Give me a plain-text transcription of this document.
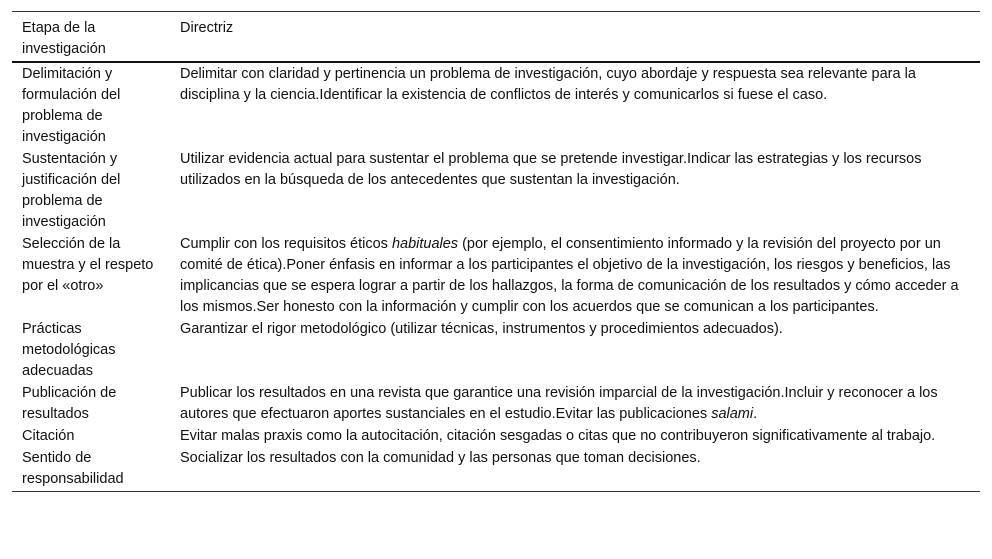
Etapa de la investigación	Directriz
Delimitación y formulación del problema de investigación	Delimitar con claridad y pertinencia un problema de investigación, cuyo abordaje y respuesta sea relevante para la disciplina y la ciencia.Identificar la existencia de conflictos de interés y comunicarlos si fuese el caso.
Sustentación y justificación del problema de investigación	Utilizar evidencia actual para sustentar el problema que se pretende investigar.Indicar las estrategias y los recursos utilizados en la búsqueda de los antecedentes que sustentan la investigación.
Selección de la muestra y el respeto por el «otro»	Cumplir con los requisitos éticos habituales (por ejemplo, el consentimiento informado y la revisión del proyecto por un comité de ética).Poner énfasis en informar a los participantes el objetivo de la investigación, los riesgos y beneficios, las implicancias que se espera lograr a partir de los hallazgos, la forma de comunicación de los resultados y cómo acceder a los mismos.Ser honesto con la información y cumplir con los acuerdos que se comunican a los participantes.
Prácticas metodológicas adecuadas	Garantizar el rigor metodológico (utilizar técnicas, instrumentos y procedimientos adecuados).
Publicación de resultados	Publicar los resultados en una revista que garantice una revisión imparcial de la investigación.Incluir y reconocer a los autores que efectuaron aportes sustanciales en el estudio.Evitar las publicaciones salami.
Citación	Evitar malas praxis como la autocitación, citación sesgadas o citas que no contribuyeron significativamente al trabajo.
Sentido de responsabilidad	Socializar los resultados con la comunidad y las personas que toman decisiones.
